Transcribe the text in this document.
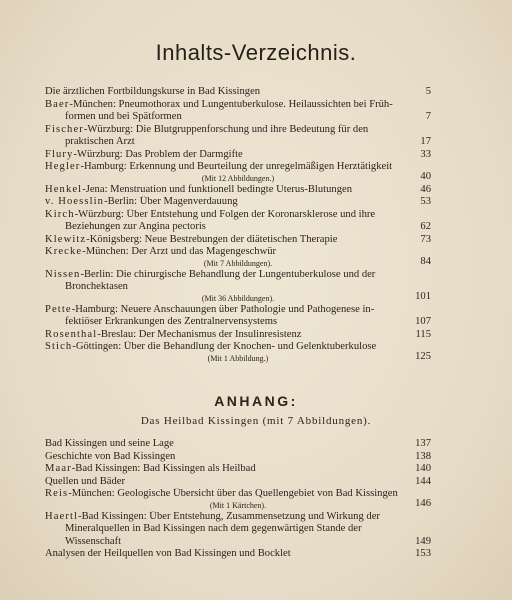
Inhalts-Verzeichnis.
Die ärztlichen Fortbildungskurse in Bad Kissingen	5
Baer-München: Pneumothorax und Lungentuberkulose. Heilaussichten bei Früh-
formen und bei Spätformen	7
Fischer-Würzburg: Die Blutgruppenforschung und ihre Bedeutung für den
praktischen Arzt	17
Flury-Würzburg: Das Problem der Darmgifte	33
Hegler-Hamburg: Erkennung und Beurteilung der unregelmäßigen Herztätigkeit
(Mit 12 Abbildungen.)	40
Henkel-Jena: Menstruation und funktionell bedingte Uterus-Blutungen	46
v. Hoesslin-Berlin: Über Magenverdauung	53
Kirch-Würzburg: Über Entstehung und Folgen der Koronarsklerose und ihre
Beziehungen zur Angina pectoris	62
Klewitz-Königsberg: Neue Bestrebungen der diätetischen Therapie	73
Krecke-München: Der Arzt und das Magengeschwür
(Mit 7 Abbildungen).	84
Nissen-Berlin: Die chirurgische Behandlung der Lungentuberkulose und der
Bronchektasen
(Mit 36 Abbildungen).	101
Pette-Hamburg: Neuere Anschauungen über Pathologie und Pathogenese in-
fektiöser Erkrankungen des Zentralnervensystems	107
Rosenthal-Breslau: Der Mechanismus der Insulinresistenz	115
Stich-Göttingen: Über die Behandlung der Knochen- und Gelenktuberkulose
(Mit 1 Abbildung.)	125
ANHANG:
Das Heilbad Kissingen (mit 7 Abbildungen).
Bad Kissingen und seine Lage	137
Geschichte von Bad Kissingen	138
Maar-Bad Kissingen: Bad Kissingen als Heilbad	140
Quellen und Bäder	144
Reis-München: Geologische Übersicht über das Quellengebiet von Bad Kissingen
(Mit 1 Kärtchen).	146
Haertl-Bad Kissingen: Über Entstehung, Zusammensetzung und Wirkung der
Mineralquellen in Bad Kissingen nach dem gegenwärtigen Stande der
Wissenschaft	149
Analysen der Heilquellen von Bad Kissingen und Bocklet	153
